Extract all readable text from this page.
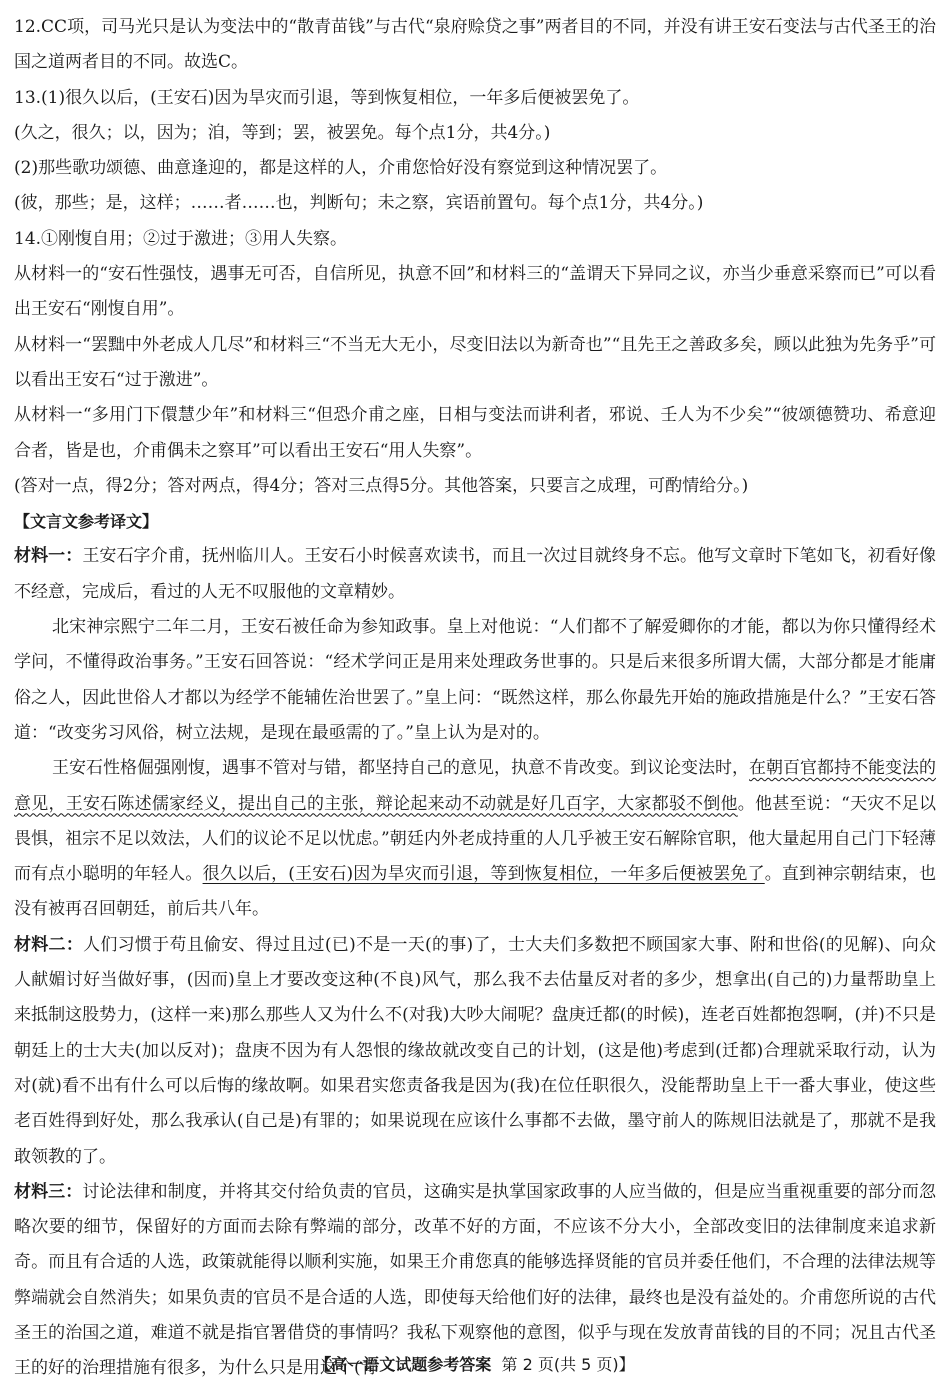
12.CC项，司马光只是认为变法中的“散青苗钱”与古代“泉府赊贷之事”两者目的不同，并没有讲王安石变法与古代圣王的治国之道两者目的不同。故选C。

13.(1)很久以后，(王安石)因为旱灾而引退，等到恢复相位，一年多后便被罢免了。

(久之，很久；以，因为；洎，等到；罢，被罢免。每个点1分，共4分。)

(2)那些歌功颂德、曲意逢迎的，都是这样的人，介甫您恰好没有察觉到这种情况罢了。

(彼，那些；是，这样；……者……也，判断句；未之察，宾语前置句。每个点1分，共4分。)

14.①刚愎自用；②过于激进；③用人失察。

从材料一的“安石性强忮，遇事无可否，自信所见，执意不回”和材料三的“盖谓天下异同之议，亦当少垂意采察而已”可以看出王安石“刚愎自用”。

从材料一“罢黜中外老成人几尽”和材料三“不当无大无小，尽变旧法以为新奇也”“且先王之善政多矣，顾以此独为先务乎”可以看出王安石“过于激进”。

从材料一“多用门下儇慧少年”和材料三“但恐介甫之座，日相与变法而讲利者，邪说、壬人为不少矣”“彼颂德赞功、希意迎合者，皆是也，介甫偶未之察耳”可以看出王安石“用人失察”。

(答对一点，得2分；答对两点，得4分；答对三点得5分。其他答案，只要言之成理，可酌情给分。)

【文言文参考译文】

材料一：王安石字介甫，抚州临川人。王安石小时候喜欢读书，而且一次过目就终身不忘。他写文章时下笔如飞，初看好像不经意，完成后，看过的人无不叹服他的文章精妙。

北宋神宗熙宁二年二月，王安石被任命为参知政事。皇上对他说：“人们都不了解爱卿你的才能，都以为你只懂得经术学问，不懂得政治事务。”王安石回答说：“经术学问正是用来处理政务世事的。只是后来很多所谓大儒，大部分都是才能庸俗之人，因此世俗人才都以为经学不能辅佐治世罢了。”皇上问：“既然这样，那么你最先开始的施政措施是什么？”王安石答道：“改变劣习风俗，树立法规，是现在最亟需的了。”皇上认为是对的。

王安石性格倔强刚愎，遇事不管对与错，都坚持自己的意见，执意不肯改变。到议论变法时，在朝百官都持不能变法的意见，王安石陈述儒家经义，提出自己的主张，辩论起来动不动就是好几百字，大家都驳不倒他。他甚至说：“天灾不足以畏惧，祖宗不足以效法，人们的议论不足以忧虑。”朝廷内外老成持重的人几乎被王安石解除官职，他大量起用自己门下轻薄而有点小聪明的年轻人。很久以后，(王安石)因为旱灾而引退，等到恢复相位，一年多后便被罢免了。直到神宗朝结束，也没有被再召回朝廷，前后共八年。

材料二：人们习惯于苟且偷安、得过且过(已)不是一天(的事)了，士大夫们多数把不顾国家大事、附和世俗(的见解)、向众人献媚讨好当做好事，(因而)皇上才要改变这种(不良)风气，那么我不去估量反对者的多少，想拿出(自己的)力量帮助皇上来抵制这股势力，(这样一来)那么那些人又为什么不(对我)大吵大闹呢？盘庚迁都(的时候)，连老百姓都抱怨啊，(并)不只是朝廷上的士大夫(加以反对)；盘庚不因为有人怨恨的缘故就改变自己的计划，(这是他)考虑到(迁都)合理就采取行动，认为对(就)看不出有什么可以后悔的缘故啊。如果君实您责备我是因为(我)在位任职很久，没能帮助皇上干一番大事业，使这些老百姓得到好处，那么我承认(自己是)有罪的；如果说现在应该什么事都不去做，墨守前人的陈规旧法就是了，那就不是我敢领教的了。

材料三：讨论法律和制度，并将其交付给负责的官员，这确实是执掌国家政事的人应当做的，但是应当重视重要的部分而忽略次要的细节，保留好的方面而去除有弊端的部分，改革不好的方面，不应该不分大小，全部改变旧的法律制度来追求新奇。而且有合适的人选，政策就能得以顺利实施，如果王介甫您真的能够选择贤能的官员并委任他们，不合理的法律法规等弊端就会自然消失；如果负责的官员不是合适的人选，即使每天给他们好的法律，最终也是没有益处的。介甫您所说的古代圣王的治国之道，难道不就是指官署借贷的事情吗？我私下观察他的意图，似乎与现在发放青苗钱的目的不同；况且古代圣王的好的治理措施有很多，为什么只是用这个(青

【高一语文试题参考答案 第 2 页(共 5 页)】
